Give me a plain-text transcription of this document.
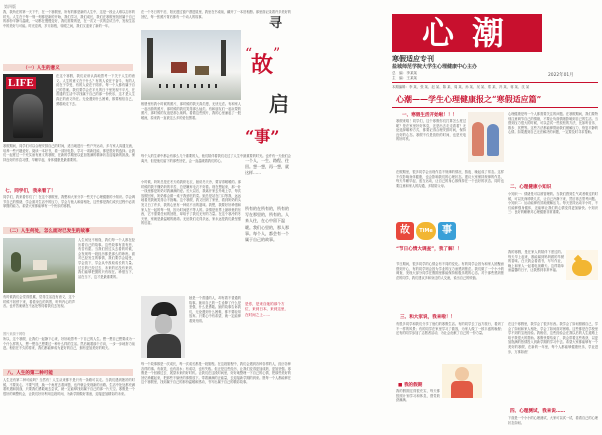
第四版
我，我所在的第一天下午，在一个寒假里，所有的都是新的人生中，这是一段让人难以忘怀的时光。人生在于每一刻一刻都是新的开始，我们学习，我们成长，我们在寒假里找回属于自己的那份平静与温暖，一切都在慢慢变好，我们需要的是，在一次又一次的尝试当中，发现生活中的美好与可能。时光荏苒，岁月如梭，转眼之间，我们又迎来了新的一年。
（一）人生的意义
LIFE
在这个寒假，我们应该认真地思考一下关于人生的意义。人生的意义在于什么？有的人说在于奋斗，有的人说在于享受，有的人说在于陪伴。每一个人都有属于自己的答案。我们要学会在平凡的日子里发现不平凡，在普通的生活中寻找属于自己的那一份快乐，这才是人生真正的意义所在。无论遇到什么困难，都要相信自己，勇敢地走下去。
寒假期间，同学们可以合理安排自己的时间，适当地进行一些户外运动，多与家人沟通交流，培养一些兴趣爱好。阅读一本好书，看一部好电影，学习一项新技能，都是很好的选择。让我们一起度过一个充实而有意义的寒假，在新的学期里以更加饱满的精神状态迎接新的挑战。保持良好的作息习惯，早睡早起，身体健康是最重要的。
七、同学们，我来看了！
同学们，我来看你们了！在这个寒假里，我想和大家分享一些关于心理健康的小知识。学会调节自己的情绪，学会面对生活中的压力，学会与他人和谐相处，这些都是我们成长过程中必须掌握的能力。希望大家都能够有一个快乐的寒假。
（二）人生何处，怎么面对已发生的故事
人生何处不相逢，我们每一个人都在经历着自己的故事。这些故事有喜有悲，有苦有甜。当我们回过头去看的时候，会发现每一段经历都是那么的珍贵。面对已经发生的事情，我们要学会接受，学会放下，学会从中汲取成长的力量。过去的已经过去，未来的还没有来到，我们能够把握的只有现在。珍惜当下，活在当下，这才是最重要的。
有时候我们会觉得很累，觉得生活没有意义，这个时候不妨停下来，看看身边的风景，听听内心的声音。也许答案就在不远处等待着我们去发现。
图片来源于网络
所以，这个寒假，让我们一起静下心来，好好地思考一下自己的人生。想一想自己想要成为一个什么样的人，想一想自己想要过一种什么样的生活。然后朝着那个方向，一步一步地努力前进。相信在不久的将来，我们都能够成为更好的自己，拥有更加美好的明天。
八、人生的第二种可能
人生还有第二种可能吗？当然有！人生从来都不是只有一条路可以走。当我们遇到挫折的时候，不要灰心，不要气馁，换一个角度去看问题，也许就会发现新的出路。生活中处处都充满着机遇和挑战，只要我们勇敢地去尝试，就一定能够找到属于自己的那一片天空。寒假是一个很好的调整机会，让我们好好利用这段时间，为新学期做好准备，迎接更加精彩的未来。
在一个冬日的午后，阳光透过窗户洒进屋里，我坐在书桌前，翻开了一本旧相册。那里面记录着许多美好的回忆，每一张照片背后都有一个动人的故事。
“
故 ”
启
“事”
寻
相册里有我小时候的照片，那时候的我天真烂漫，无忧无虑。有和家人一起出游的照片，那时候的我们笑得那么灿烂。有和朋友们一起玩耍的照片，那时候的友谊是那么纯粹。看着这些照片，我的心里涌起了一股暖流，原来我一直被这么多的爱包围着。
每个人的生命中都会有那么几个重要的人，他们陪伴着我们走过了人生中最重要的时光。也许有一天他们会离开，但是他们留下的那些回忆，会一直温暖着我们的心。	一个人，一生、路程、往回。想一想，再一想，就这样……
小时候，奶奶总是在冬天给我织毛衣，她说冬天冷，要穿得暖暖的。那时候的我不懂奶奶的辛苦，总是嫌弃毛衣不好看。现在想起来，那一针一线里都是奶奶对我满满的爱。长大以后，我离开家去外地上学，每次放假回家，奶奶都会做一桌子我爱吃的菜。她总是站在门口等我，远远地看见我就笑得合不拢嘴。这个寒假，我又回到了家里，看到奶奶的头发又白了许多，我的心里有一种说不出的滋味。我想，我要好好珍惜和家人在一起的每一刻，因为时间是不等人的。亲情是世界上最珍贵的东西，它不需要任何的回报，却给予了我们无穷的力量。在这个寒冷的冬天里，家就是最温暖的港湾。无论我们走得多远，家永远是我们最坚强的后盾。
所有的在所有的，所有的写在那里的，所有的。人来人往，在心中留下温暖。我们心里的，那人那事。每个人，都会有一个属于自己的故事。
是你，是来自她的那个方位，来到日本，来到这里，在时间之上……
她是一个普通的人，却有着不普通的故事。她用自己的一生诠释了什么是坚强，什么是勇敢。她的故事告诉我们，无论遇到什么困难，都不要轻易放弃。只要心中有希望，就一定能够看到光明。
每一个故事都是一次成长，每一次成长都是一段旅程。在这段旅程中，我们会遇到各种各样的人，经历各种各样的事。有欢笑，也有泪水；有成功，也有失败。但正是这些经历，让我们变得更加成熟，更加坚强。寒假是一个回顾过去、展望未来的好时机。让我们在这段时间里，好好地整理一下自己的心情，把那些美好的回忆珍藏起来，把那些不愉快的事情放下。带着满满的正能量，去迎接新学期的到来。愿每一个人都能够在这个寒假里，找到属于自己的那份温暖和感动，书写出属于自己的精彩故事。
心潮
寒假适应专刊
盐城师范学院大学生心理健康中心主办
2022年01月
总　编：李某某
主　编：王某某
本期编辑：李 某、张 某、赵 某、陈 某、周 某、孙 某、吴 某、郑 某、冯 某、蒋 某、沈 某
心潮——学生心理健康报之“寒假适应篇”
一、寒假生活开始啦！！！
寒假来啦！同学们，这个寒假你们打算怎么度过呢？是在家里好好休息，还是出去走走看看？无论选择哪种方式，都要记得合理安排时间，保持良好的心态。寒假不仅是放松的时间，也是充电的好时机。
在假期里，很多同学会出现作息不规律的情况，熬夜、晚起成了常态。这样不仅影响身体健康，也会影响我们的心理状态。建议大家保持规律的作息，每天早睡早起，适当运动，让自己的身心都保持在一个良好的状态。同时也要注意和家人的沟通，多陪陪父母。
故	TiMe 事
“节日心情大调查”，我了解！！
节日期间，很多同学的心情会有不同的变化。有的同学会因为和家人团聚而感到开心，有的同学则会因为学业的压力而感到焦虑。我们做了一个小小的调查，发现大部分同学在假期里都能保持积极乐观的心态。对于那些感到焦虑的同学，我们建议多和身边的人交流，说出自己的烦恼。
三、和大家说，我来啦！！
有很多同学和我们分享了他们的寒假生活。有的同学去了远方旅行，看到了不一样的风景；有的同学在家里学习了做饭，为家人做了一顿丰盛的晚餐；还有的同学参加了志愿者活动，为社会贡献了自己的一份力量。
■ 我的假期
我的假期过得很充实，每天都按照计划学习和休息，感觉收获满满。
心理健康是每一个人都需要关注的问题。在寒假期间，我们要特别注意调节自己的情绪，不要让负面情绪影响到自己的生活。当感到压力很大的时候，可以尝试一些放松的方法，比如听音乐、散步、冥想等。这些方法都能够帮助我们缓解压力，恢复平静的心情。如果遇到自己无法解决的问题，一定要及时寻求帮助。
二、心理健康小知识
小知识一：情绪是可以被管理的。当我们感到生气或者难过的时候，可以先深呼吸几次，让自己冷静下来，然后再去思考问题。小知识二：运动能够有效地缓解压力。每天坚持运动半小时，不仅能够强身健体，还能够让我们的心情变得更加愉快。小知识三：良好的睡眠对心理健康非常重要。
我的寒假，是在家人的陪伴下度过的。每天早上起来，都能闻到妈妈做的早餐的香味。白天我会看看书，写写作业，晚上和家人一起看电视聊天。这样简单而温馨的日子，让我感到非常幸福。
在这个寒假里，我学会了很多东西。我学会了如何照顾自己，学会了如何和家人相处，学会了如何面对困难。这些都是在学校里学不到的宝贵经验。我相信，这些经验会在我以后的人生道路上给予我很大的帮助。寒假快要结束了，我会带着这些收获，以更加饱满的热情投入到新学期的学习中去。希望大家都能够有一个美好的寒假，在新的一年里，每个人都能够健康快乐，学业进步，万事如意！
四、心理测试，我来说……
下面是一个小小的心理测试，大家可以试一试，看看自己的心理状态如何。
